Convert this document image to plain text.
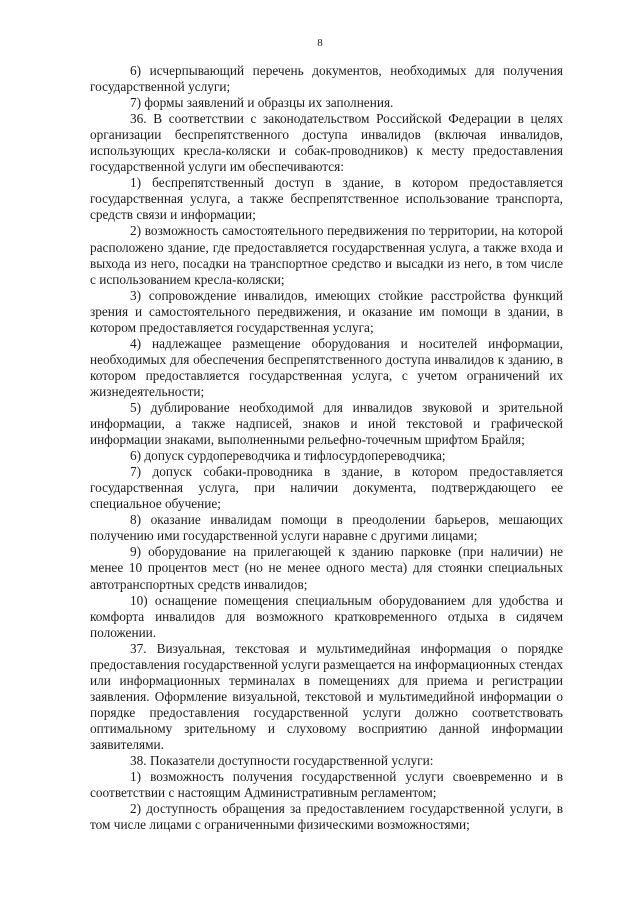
8

6) исчерпывающий перечень документов, необходимых для получения государственной услуги;

7) формы заявлений и образцы их заполнения.

36. В соответствии с законодательством Российской Федерации в целях организации беспрепятственного доступа инвалидов (включая инвалидов, использующих кресла-коляски и собак-проводников) к месту предоставления государственной услуги им обеспечиваются:

1) беспрепятственный доступ в здание, в котором предоставляется государственная услуга, а также беспрепятственное использование транспорта, средств связи и информации;

2) возможность самостоятельного передвижения по территории, на которой расположено здание, где предоставляется государственная услуга, а также входа и выхода из него, посадки на транспортное средство и высадки из него, в том числе с использованием кресла-коляски;

3) сопровождение инвалидов, имеющих стойкие расстройства функций зрения и самостоятельного передвижения, и оказание им помощи в здании, в котором предоставляется государственная услуга;

4) надлежащее размещение оборудования и носителей информации, необходимых для обеспечения беспрепятственного доступа инвалидов к зданию, в котором предоставляется государственная услуга, с учетом ограничений их жизнедеятельности;

5) дублирование необходимой для инвалидов звуковой и зрительной информации, а также надписей, знаков и иной текстовой и графической информации знаками, выполненными рельефно-точечным шрифтом Брайля;

6) допуск сурдопереводчика и тифлосурдопереводчика;

7) допуск собаки-проводника в здание, в котором предоставляется государственная услуга, при наличии документа, подтверждающего ее специальное обучение;

8) оказание инвалидам помощи в преодолении барьеров, мешающих получению ими государственной услуги наравне с другими лицами;

9) оборудование на прилегающей к зданию парковке (при наличии) не менее 10 процентов мест (но не менее одного места) для стоянки специальных автотранспортных средств инвалидов;

10) оснащение помещения специальным оборудованием для удобства и комфорта инвалидов для возможного кратковременного отдыха в сидячем положении.

37. Визуальная, текстовая и мультимедийная информация о порядке предоставления государственной услуги размещается на информационных стендах или информационных терминалах в помещениях для приема и регистрации заявления. Оформление визуальной, текстовой и мультимедийной информации о порядке предоставления государственной услуги должно соответствовать оптимальному зрительному и слуховому восприятию данной информации заявителями.

38. Показатели доступности государственной услуги:

1) возможность получения государственной услуги своевременно и в соответствии с настоящим Административным регламентом;

2) доступность обращения за предоставлением государственной услуги, в том числе лицами с ограниченными физическими возможностями;
